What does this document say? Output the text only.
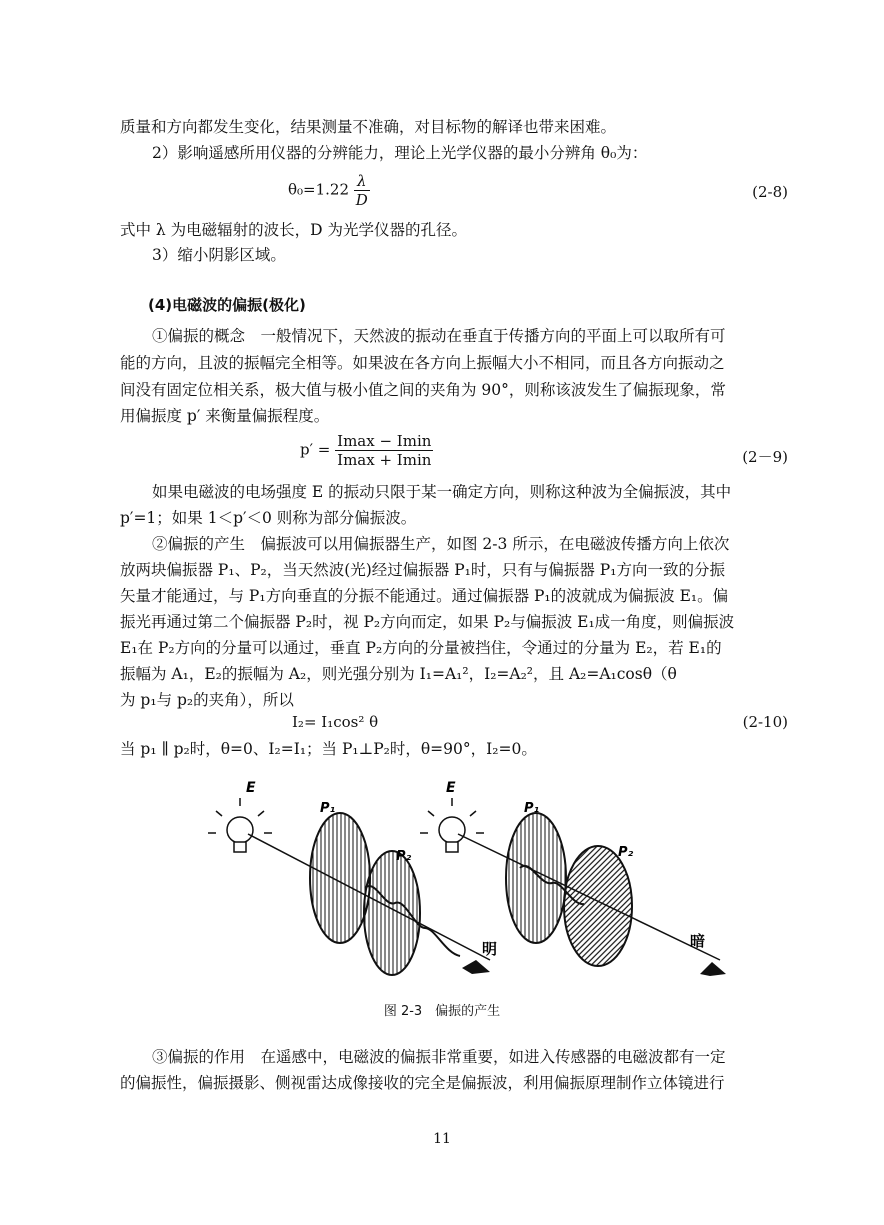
质量和方向都发生变化，结果测量不准确，对目标物的解译也带来困难。
2）影响遥感所用仪器的分辨能力，理论上光学仪器的最小分辨角 θ₀为：
$\theta_0=1.22 \frac{\lambda}{D}$	(2-8)
式中 λ 为电磁辐射的波长，D 为光学仪器的孔径。
3）缩小阴影区域。
(4)电磁波的偏振(极化)
①偏振的概念　一般情况下，天然波的振动在垂直于传播方向的平面上可以取所有可
能的方向，且波的振幅完全相等。如果波在各方向上振幅大小不相同，而且各方向振动之
间没有固定位相关系，极大值与极小值之间的夹角为 90°，则称该波发生了偏振现象，常
用偏振度 p′ 来衡量偏振程度。
$p' = \frac{Imax - Imin}{Imax + Imin}$	(2－9)
如果电磁波的电场强度 E 的振动只限于某一确定方向，则称这种波为全偏振波，其中
p′=1；如果 1＜p′＜0 则称为部分偏振波。
②偏振的产生　偏振波可以用偏振器生产，如图 2-3 所示，在电磁波传播方向上依次
放两块偏振器 P₁、P₂，当天然波(光)经过偏振器 P₁时，只有与偏振器 P₁方向一致的分振
矢量才能通过，与 P₁方向垂直的分振不能通过。通过偏振器 P₁的波就成为偏振波 E₁。偏
振光再通过第二个偏振器 P₂时，视 P₂方向而定，如果 P₂与偏振波 E₁成一角度，则偏振波
E₁在 P₂方向的分量可以通过，垂直 P₂方向的分量被挡住，令通过的分量为 E₂，若 E₁的
振幅为 A₁，E₂的振幅为 A₂，则光强分别为 I₁=A₁²，I₂=A₂²，且 A₂=A₁cosθ（θ
为 p₁与 p₂的夹角），所以
I₂= I₁cos² θ	(2-10)
当 p₁ ∥ p₂时，θ=0、I₂=I₁；当 P₁⊥P₂时，θ=90°，I₂=0。
E
P₁
P₂
明
E
P₁
P₂
暗
图 2-3　偏振的产生
③偏振的作用　在遥感中，电磁波的偏振非常重要，如进入传感器的电磁波都有一定
的偏振性，偏振摄影、侧视雷达成像接收的完全是偏振波，利用偏振原理制作立体镜进行
11
